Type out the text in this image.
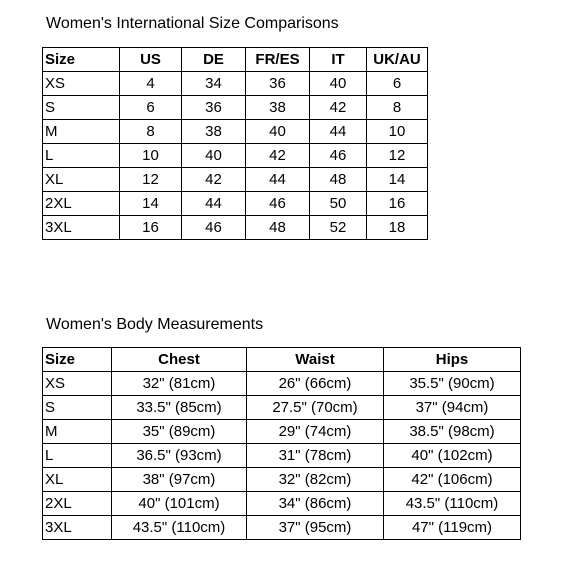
Women's International Size Comparisons
Size	US	DE	FR/ES	IT	UK/AU
XS	4	34	36	40	6
S	6	36	38	42	8
M	8	38	40	44	10
L	10	40	42	46	12
XL	12	42	44	48	14
2XL	14	44	46	50	16
3XL	16	46	48	52	18
Women's Body Measurements
Size	Chest	Waist	Hips
XS	32" (81cm)	26" (66cm)	35.5" (90cm)
S	33.5" (85cm)	27.5" (70cm)	37" (94cm)
M	35" (89cm)	29" (74cm)	38.5" (98cm)
L	36.5" (93cm)	31" (78cm)	40" (102cm)
XL	38" (97cm)	32" (82cm)	42" (106cm)
2XL	40" (101cm)	34" (86cm)	43.5" (110cm)
3XL	43.5" (110cm)	37" (95cm)	47" (119cm)
